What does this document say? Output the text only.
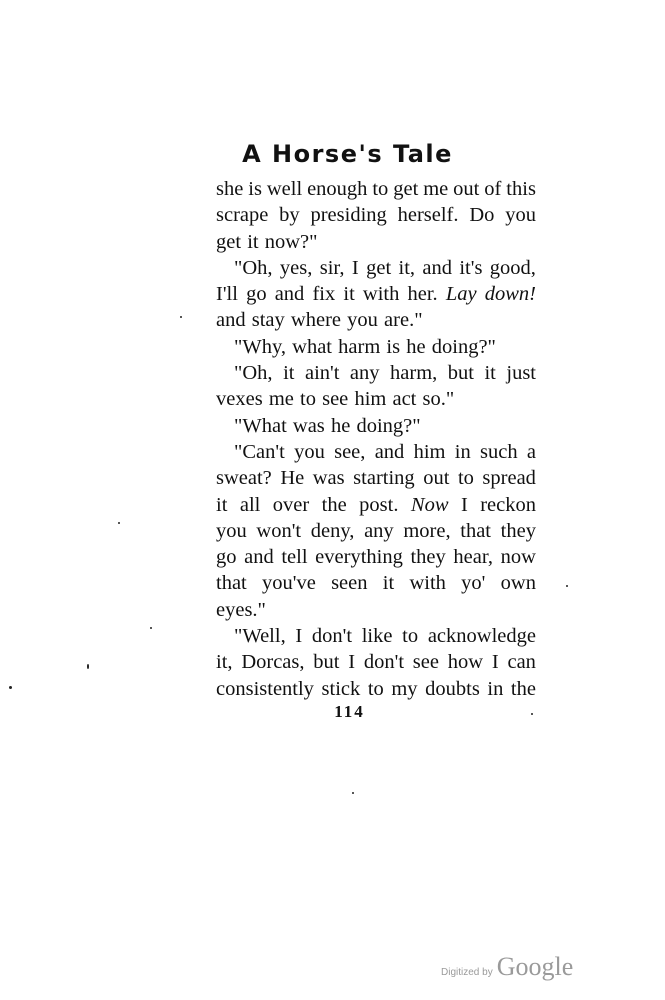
A Horse's Tale
she is well enough to get me out of this
scrape by presiding herself. Do you
get it now?"
"Oh, yes, sir, I get it, and it's good,
I'll go and fix it with her. Lay down!
and stay where you are."
"Why, what harm is he doing?"
"Oh, it ain't any harm, but it just
vexes me to see him act so."
"What was he doing?"
"Can't you see, and him in such a
sweat? He was starting out to spread
it all over the post. Now I reckon
you won't deny, any more, that they
go and tell everything they hear, now
that you've seen it with yo' own
eyes."
"Well, I don't like to acknowledge
it, Dorcas, but I don't see how I can
consistently stick to my doubts in the
114
Digitized by Google
